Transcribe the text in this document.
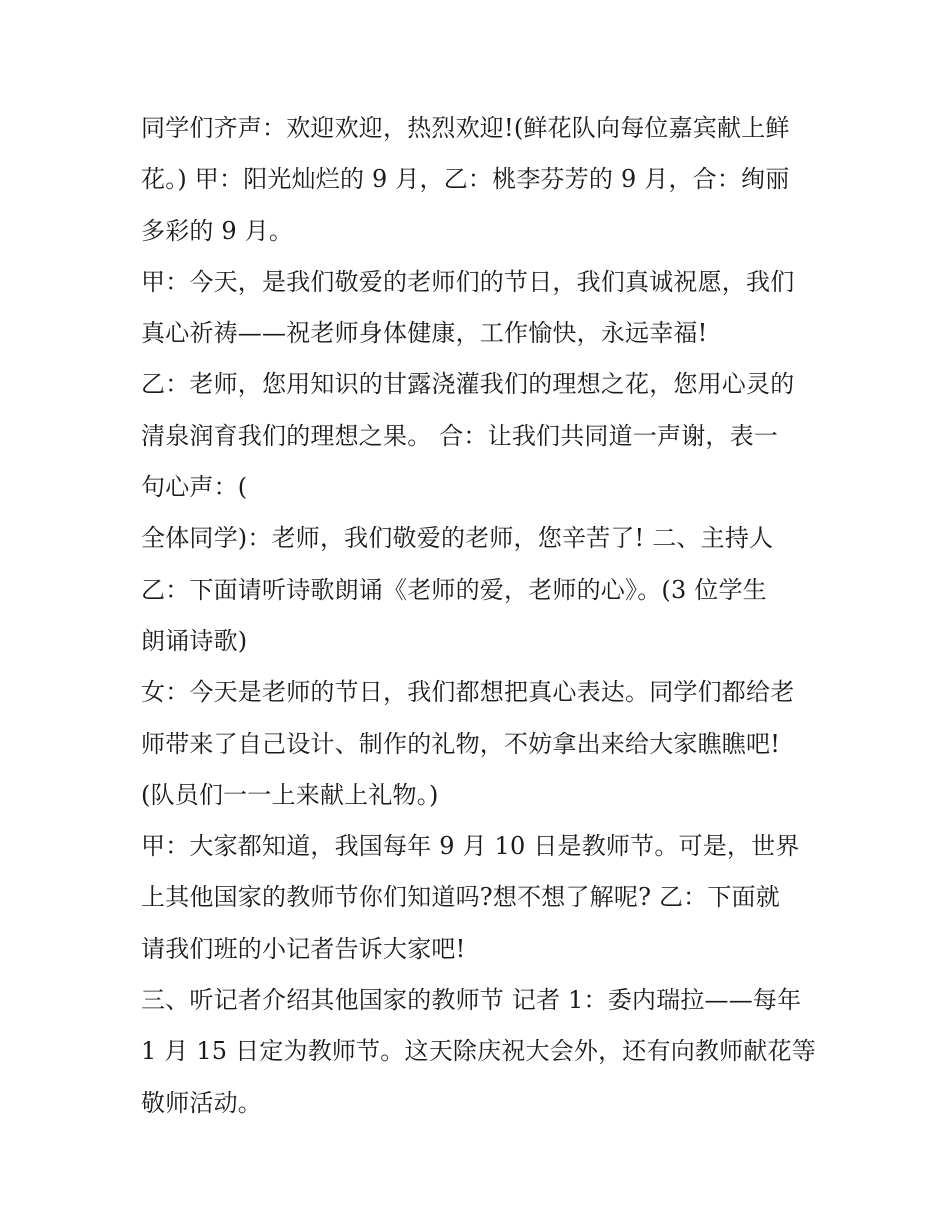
同学们齐声：欢迎欢迎，热烈欢迎!(鲜花队向每位嘉宾献上鲜
花。) 甲：阳光灿烂的 9 月，乙：桃李芬芳的 9 月，合：绚丽
多彩的 9 月。
甲：今天，是我们敬爱的老师们的节日，我们真诚祝愿，我们
真心祈祷——祝老师身体健康，工作愉快，永远幸福!
乙：老师，您用知识的甘露浇灌我们的理想之花，您用心灵的
清泉润育我们的理想之果。 合：让我们共同道一声谢，表一
句心声：(
全体同学)：老师，我们敬爱的老师，您辛苦了! 二、主持人
乙：下面请听诗歌朗诵《老师的爱，老师的心》。(3 位学生
朗诵诗歌)
女：今天是老师的节日，我们都想把真心表达。同学们都给老
师带来了自己设计、制作的礼物，不妨拿出来给大家瞧瞧吧!
(队员们一一上来献上礼物。)
甲：大家都知道，我国每年 9 月 10 日是教师节。可是，世界
上其他国家的教师节你们知道吗?想不想了解呢? 乙：下面就
请我们班的小记者告诉大家吧!
三、听记者介绍其他国家的教师节 记者 1：委内瑞拉——每年
1 月 15 日定为教师节。这天除庆祝大会外，还有向教师献花等
敬师活动。
